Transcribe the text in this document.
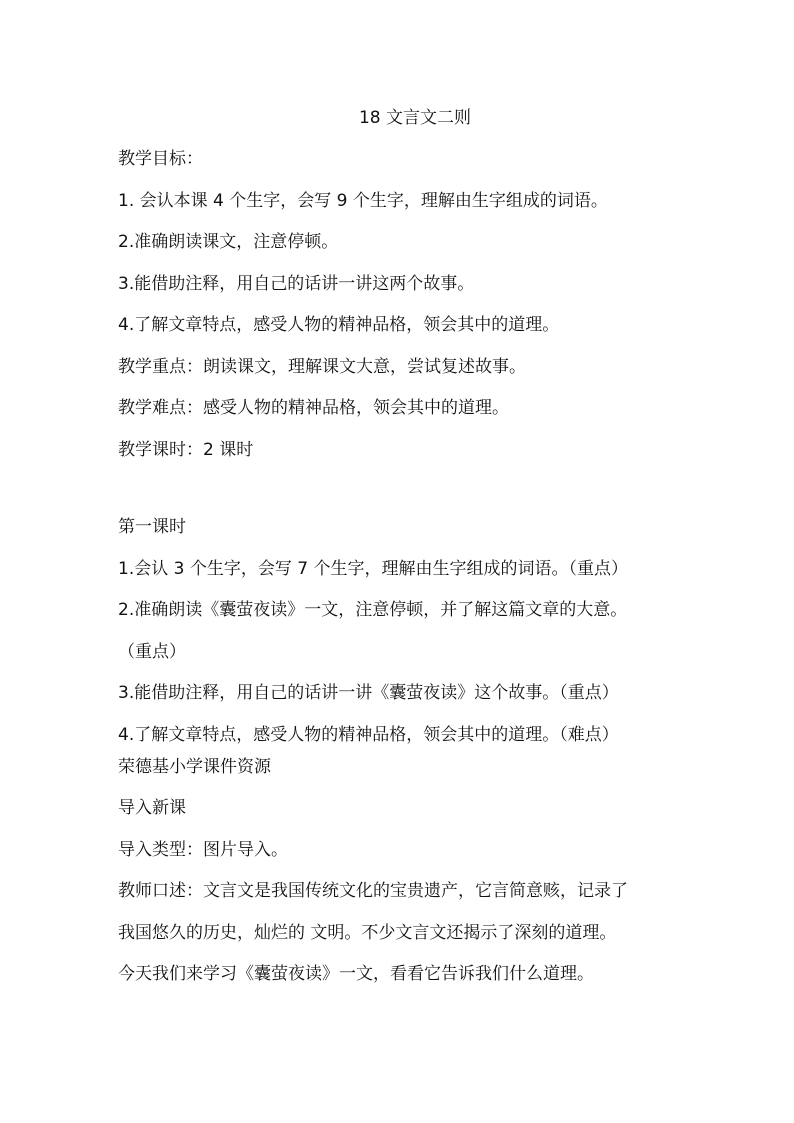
18 文言文二则
教学目标：
1. 会认本课 4 个生字，会写 9 个生字，理解由生字组成的词语。
2.准确朗读课文，注意停顿。
3.能借助注释，用自己的话讲一讲这两个故事。
4.了解文章特点，感受人物的精神品格，领会其中的道理。
教学重点：朗读课文，理解课文大意，尝试复述故事。
教学难点：感受人物的精神品格，领会其中的道理。
教学课时：2 课时
第一课时
1.会认 3 个生字，会写 7 个生字，理解由生字组成的词语。（重点）
2.准确朗读《囊萤夜读》一文，注意停顿，并了解这篇文章的大意。
（重点）
3.能借助注释，用自己的话讲一讲《囊萤夜读》这个故事。（重点）
4.了解文章特点，感受人物的精神品格，领会其中的道理。（难点）
荣德基小学课件资源
导入新课
导入类型：图片导入。
教师口述：文言文是我国传统文化的宝贵遗产，它言简意赅，记录了
我国悠久的历史，灿烂的 文明。不少文言文还揭示了深刻的道理。
今天我们来学习《囊萤夜读》一文，看看它告诉我们什么道理。
